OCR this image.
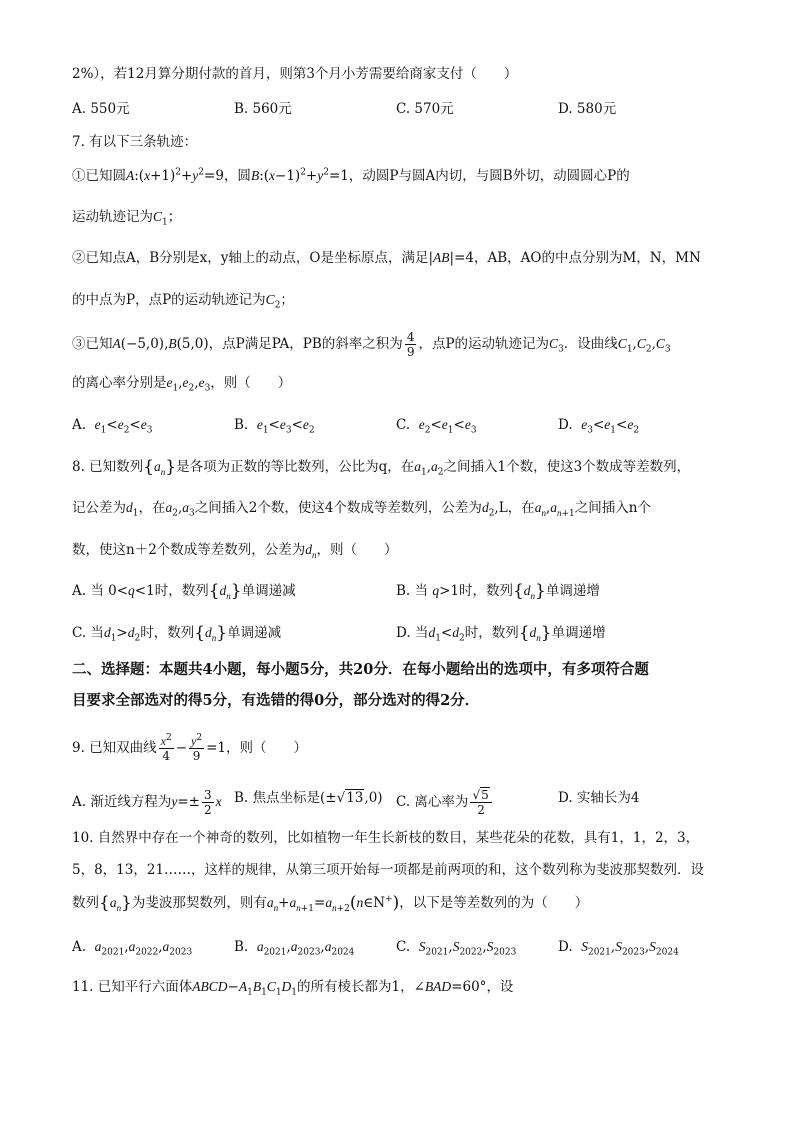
2%），若12月算分期付款的首月，则第3个月小芳需要给商家支付（　　）
A. 550元	B. 560元	C. 570元	D. 580元
7. 有以下三条轨迹：
①已知圆$A:(x+1)^2+y^2=9$，圆$B:(x-1)^2+y^2=1$，动圆P与圆A内切，与圆B外切，动圆圆心P的
运动轨迹记为$C_1$；
②已知点A，B分别是x，y轴上的动点，O是坐标原点，满足|AB|=4，AB，AO的中点分别为M，N，MN
的中点为P，点P的运动轨迹记为$C_2$；
③已知A(−5,0),B(5,0)，点P满足PA，PB的斜率之积为 $\frac{4}{9}$ ，点P的运动轨迹记为$C_3$．设曲线$C_1,C_2,C_3$
的离心率分别是$e_1,e_2,e_3$，则（　　）
A. $e_1<e_2<e_3$	B. $e_1<e_3<e_2$	C. $e_2<e_1<e_3$	D. $e_3<e_1<e_2$
8. 已知数列$\{a_n\}$是各项为正数的等比数列，公比为q，在$a_1,a_2$之间插入1个数，使这3个数成等差数列，
记公差为$d_1$，在$a_2,a_3$之间插入2个数，使这4个数成等差数列，公差为$d_2,L$，在$a_n,a_{n+1}$之间插入n个
数，使这n＋2个数成等差数列，公差为$d_n$，则（　　）
A. 当 0<q<1时，数列$\{d_n\}$单调递减	B. 当 q>1时，数列$\{d_n\}$单调递增
C. 当$d_1>d_2$时，数列$\{d_n\}$单调递减	D. 当$d_1<d_2$时，数列$\{d_n\}$单调递增
二、选择题：本题共4小题，每小题5分，共20分．在每小题给出的选项中，有多项符合题
目要求全部选对的得5分，有选错的得0分，部分选对的得2分．
9. 已知双曲线 $\frac{x^2}{4} - \frac{y^2}{9} =1$，则（　　）
A. 渐近线方程为$y=\pm \frac{3}{2}$ x B. 焦点坐标是(±√13,0) C. 离心率为 $\frac{√5}{2}$	D. 实轴长为4
10. 自然界中存在一个神奇的数列，比如植物一年生长新枝的数目，某些花朵的花数，具有1，1，2，3，
5，8，13，21……，这样的规律，从第三项开始每一项都是前两项的和，这个数列称为斐波那契数列．设
数列$\{a_n\}$为斐波那契数列，则有$a_n+a_{n+1}=a_{n+2}(n\in N^+)$，以下是等差数列的为（　　）
A. $a_{2021},a_{2022},a_{2023}$	B. $a_{2021},a_{2023},a_{2024}$	C. $S_{2021},S_{2022},S_{2023}$	D. $S_{2021},S_{2023},S_{2024}$
11. 已知平行六面体$ABCD-A_1B_1C_1D_1$的所有棱长都为1，∠BAD=60°，设
